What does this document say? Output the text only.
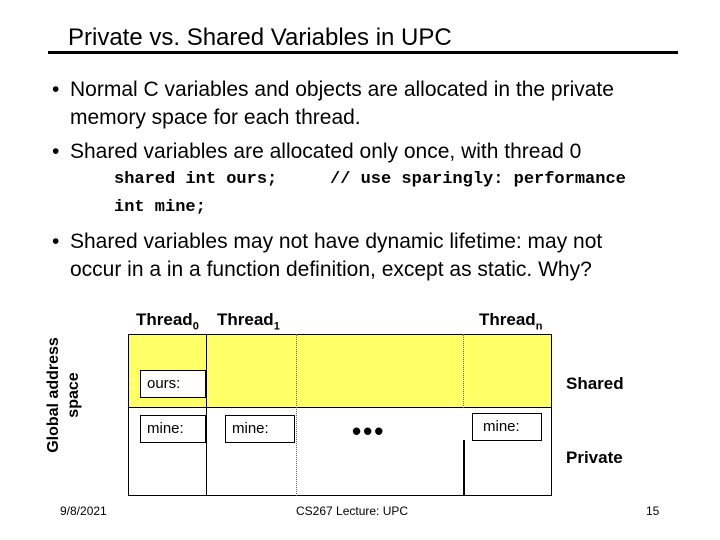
Private vs. Shared Variables in UPC
• Normal C variables and objects are allocated in the private
memory space for each thread.
• Shared variables are allocated only once, with thread 0
shared int ours;	// use sparingly: performance
int mine;
• Shared variables may not have dynamic lifetime: may not
occur in a in a function definition, except as static. Why?
Thread$_0$ Thread$_1$	Thread$_n$
Global address space	ours:
mine:	mine:	mine:
•••
Shared
Private
9/8/2021	CS267 Lecture: UPC	15
